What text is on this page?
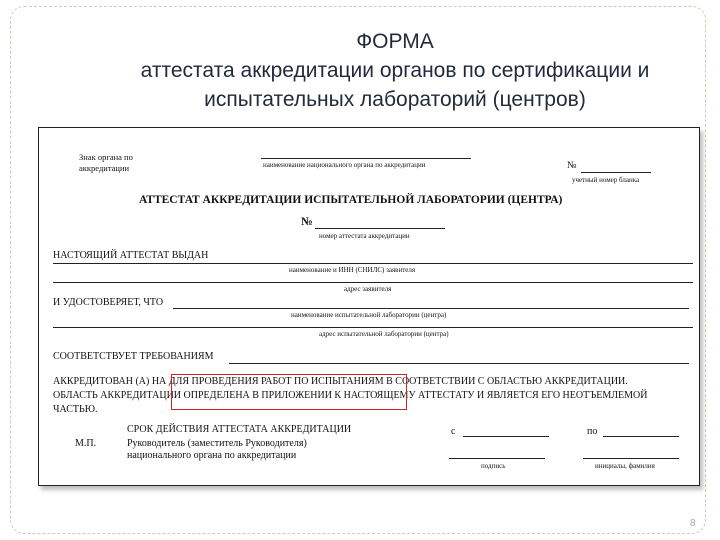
ФОРМА
аттестата аккредитации органов по сертификации и
испытательных лабораторий (центров)
Знак органа по
аккредитации	наименование национального органа по аккредитации	№
учетный номер бланка
АТТЕСТАТ АККРЕДИТАЦИИ ИСПЫТАТЕЛЬНОЙ ЛАБОРАТОРИИ (ЦЕНТРА)
№
номер аттестата аккредитации
НАСТОЯЩИЙ АТТЕСТАТ ВЫДАН
наименование и ИНН (СНИЛС) заявителя
адрес заявителя
И УДОСТОВЕРЯЕТ, ЧТО
наименование испытательной лаборатории (центра)
адрес испытательной лаборатории (центра)
СООТВЕТСТВУЕТ ТРЕБОВАНИЯМ
АККРЕДИТОВАН (А) НА ДЛЯ ПРОВЕДЕНИЯ РАБОТ ПО ИСПЫТАНИЯМ В СООТВЕТСТВИИ С ОБЛАСТЬЮ АККРЕДИТАЦИИ.
ОБЛАСТЬ АККРЕДИТАЦИИ ОПРЕДЕЛЕНА В ПРИЛОЖЕНИИ К НАСТОЯЩЕМУ АТТЕСТАТУ И ЯВЛЯЕТСЯ ЕГО НЕОТЪЕМЛЕМОЙ
ЧАСТЬЮ.
СРОК ДЕЙСТВИЯ АТТЕСТАТА АККРЕДИТАЦИИ	с	по
М.П.	Руководитель (заместитель Руководителя)
национального органа по аккредитации
подпись	инициалы, фамилия
8
